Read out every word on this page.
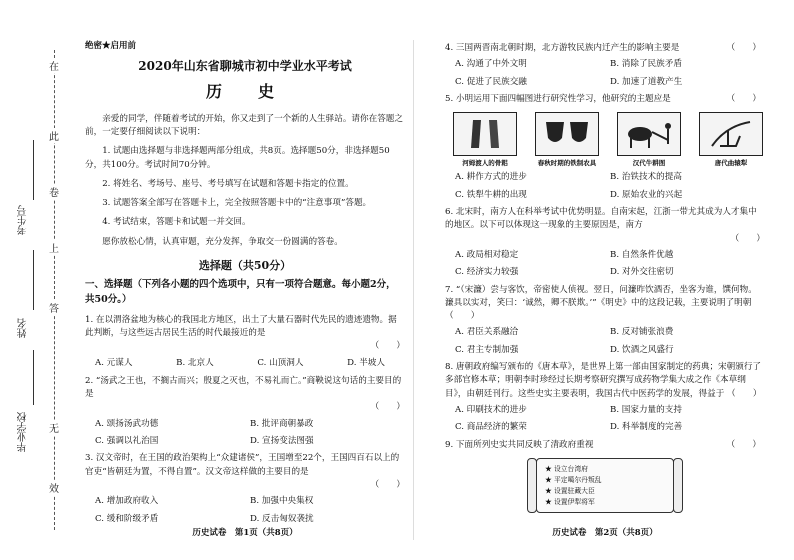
在
此
卷
上
答
无
效
考生号
姓名
毕业学校
绝密★启用前
2020年山东省聊城市初中学业水平考试
历　史

亲爱的同学，伴随着考试的开始，你又走到了一个新的人生驿站。请你在答题之前，一定要仔细阅读以下说明：

1. 试题由选择题与非选择题两部分组成，共8页。选择题50分，非选择题50分，共100分。考试时间70分钟。

2. 将姓名、考场号、座号、考号填写在试题和答题卡指定的位置。

3. 试题答案全部写在答题卡上，完全按照答题卡中的“注意事项”答题。

4. 考试结束，答题卡和试题一并交回。

愿你放松心情，认真审题，充分发挥，争取交一份圆满的答卷。

选择题（共50分）
一、选择题（下列各小题的四个选项中，只有一项符合题意。每小题2分，共50分。）
1. 在以渭洛盆地为核心的我国北方地区，出土了大量石器时代先民的遗迹遗物。据此判断，与这些远古居民生活的时代最接近的是
（　　）
A. 元谋人	B. 北京人	C. 山顶洞人	D. 半坡人
2. “汤武之王也，不搁古而兴；殷夏之灭也，不易礼而亡。”商鞅说这句话的主要目的是
（　　）
A. 颂扬汤武功德	B. 批评商朝暴政
C. 强调以礼治国	D. 宣扬变法图强
3. 汉文帝时，在王国的政治架构上“众建诸侯”，王国增至22个，王国四百石以上的官吏“皆朝廷为置，不得自置”。汉文帝这样做的主要目的是
（　　）
A. 增加政府收入	B. 加强中央集权
C. 缓和阶级矛盾	D. 反击匈奴袭扰
历史试卷　第1页（共8页）
4. 三国两晋南北朝时期，北方游牧民族内迁产生的影响主要是	（　　）
A. 沟通了中外文明	B. 消除了民族矛盾
C. 促进了民族交融	D. 加速了道教产生
5. 小明运用下面四幅图进行研究性学习，他研究的主题应是	（　　）
河姆渡人的骨耜	春秋时期的铁制农具	汉代牛耕图	唐代曲辕犁
A. 耕作方式的进步	B. 治铁技术的提高
C. 铁犁牛耕的出现	D. 原始农业的兴起
6. 北宋时，南方人在科举考试中优势明显。自南宋起，江浙一带尤其成为人才集中的地区。以下可以体现这一现象的主要原因是，南方
（　　）
A. 政局相对稳定	B. 自然条件优越
C. 经济实力较强	D. 对外交往密切
7. “（宋濂）尝与客饮，帝密使人侦视。翌日，问濂昨饮酒否，坐客为谁，馔何物。濂具以实对，笑曰：‘诚然，卿不朕欺。’”《明史》中的这段记载，主要说明了明朝 （　　）
A. 君臣关系融洽	B. 反对铺张浪费
C. 君主专制加强	D. 饮酒之风盛行
8. 唐朝政府编写颁布的《唐本草》，是世界上第一部由国家制定的药典；宋朝颁行了多部官修本草；明朝李时珍经过长期考察研究撰写成药物学集大成之作《本草纲目》，由朝廷刊行。这些史实主要表明，我国古代中医药学的发展，得益于 （　　）
A. 印刷技术的进步	B. 国家力量的支持
C. 商品经济的繁荣	D. 科举制度的完善
9. 下面所列史实共同反映了清政府重视	（　　）
★ 设立台湾府
★ 平定噶尔丹叛乱
★ 设置驻藏大臣
★ 设置伊犁将军
历史试卷　第2页（共8页）
